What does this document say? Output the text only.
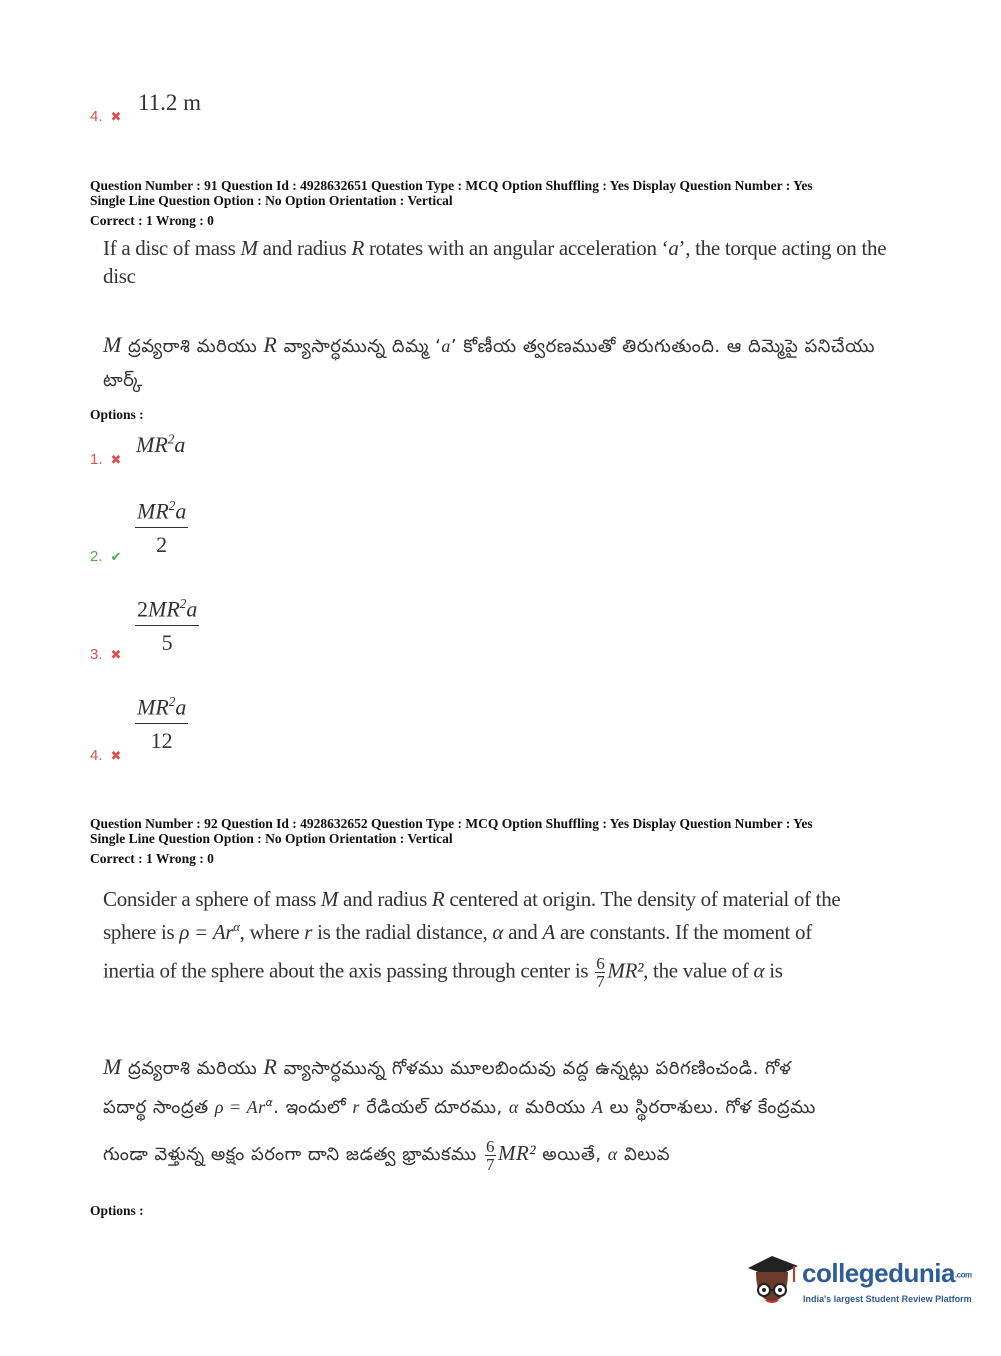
4. ✖
11.2 m
Question Number : 91 Question Id : 4928632651 Question Type : MCQ Option Shuffling : Yes Display Question Number : Yes
Single Line Question Option : No Option Orientation : Vertical
Correct : 1 Wrong : 0
If a disc of mass M and radius R rotates with an angular acceleration ‘a’, the torque acting on the disc
M ద్రవ్యరాశి మరియు R వ్యాసార్ధమున్న దిమ్మ ‘a’ కోణీయ త్వరణముతో తిరుగుతుంది. ఆ దిమ్మెపై పనిచేయు టార్క్
Options :
1. ✖
$MR^2a$
2. ✔ $\frac{MR^2a}{2}$
3. ✖ $\frac{2MR^2a}{5}$
4. ✖
$\frac{MR^2a}{12}$
Question Number : 92 Question Id : 4928632652 Question Type : MCQ Option Shuffling : Yes Display Question Number : Yes
Single Line Question Option : No Option Orientation : Vertical
Correct : 1 Wrong : 0
Consider a sphere of mass M and radius R centered at origin. The density of material of the
sphere is $\rho = Ar^\alpha$, where r is the radial distance, α and A are constants. If the moment of
inertia of the sphere about the axis passing through center is $\frac{6}{7} MR^2$, the value of α is
M ద్రవ్యరాశి మరియు R వ్యాసార్ధమున్న గోళము మూలబిందువు వద్ద ఉన్నట్లు పరిగణించండి. గోళ
పదార్థ సాంద్రత $\rho = Ar^\alpha$. ఇందులో r రేడియల్ దూరము, α మరియు A లు స్థిరరాశులు. గోళ కేంద్రము
గుండా వెళ్తున్న అక్షం పరంగా దాని జడత్వ భ్రామకము $\frac{6}{7} MR^2$ అయితే, α విలువ
Options :
collegedunia.com
India's largest Student Review Platform
